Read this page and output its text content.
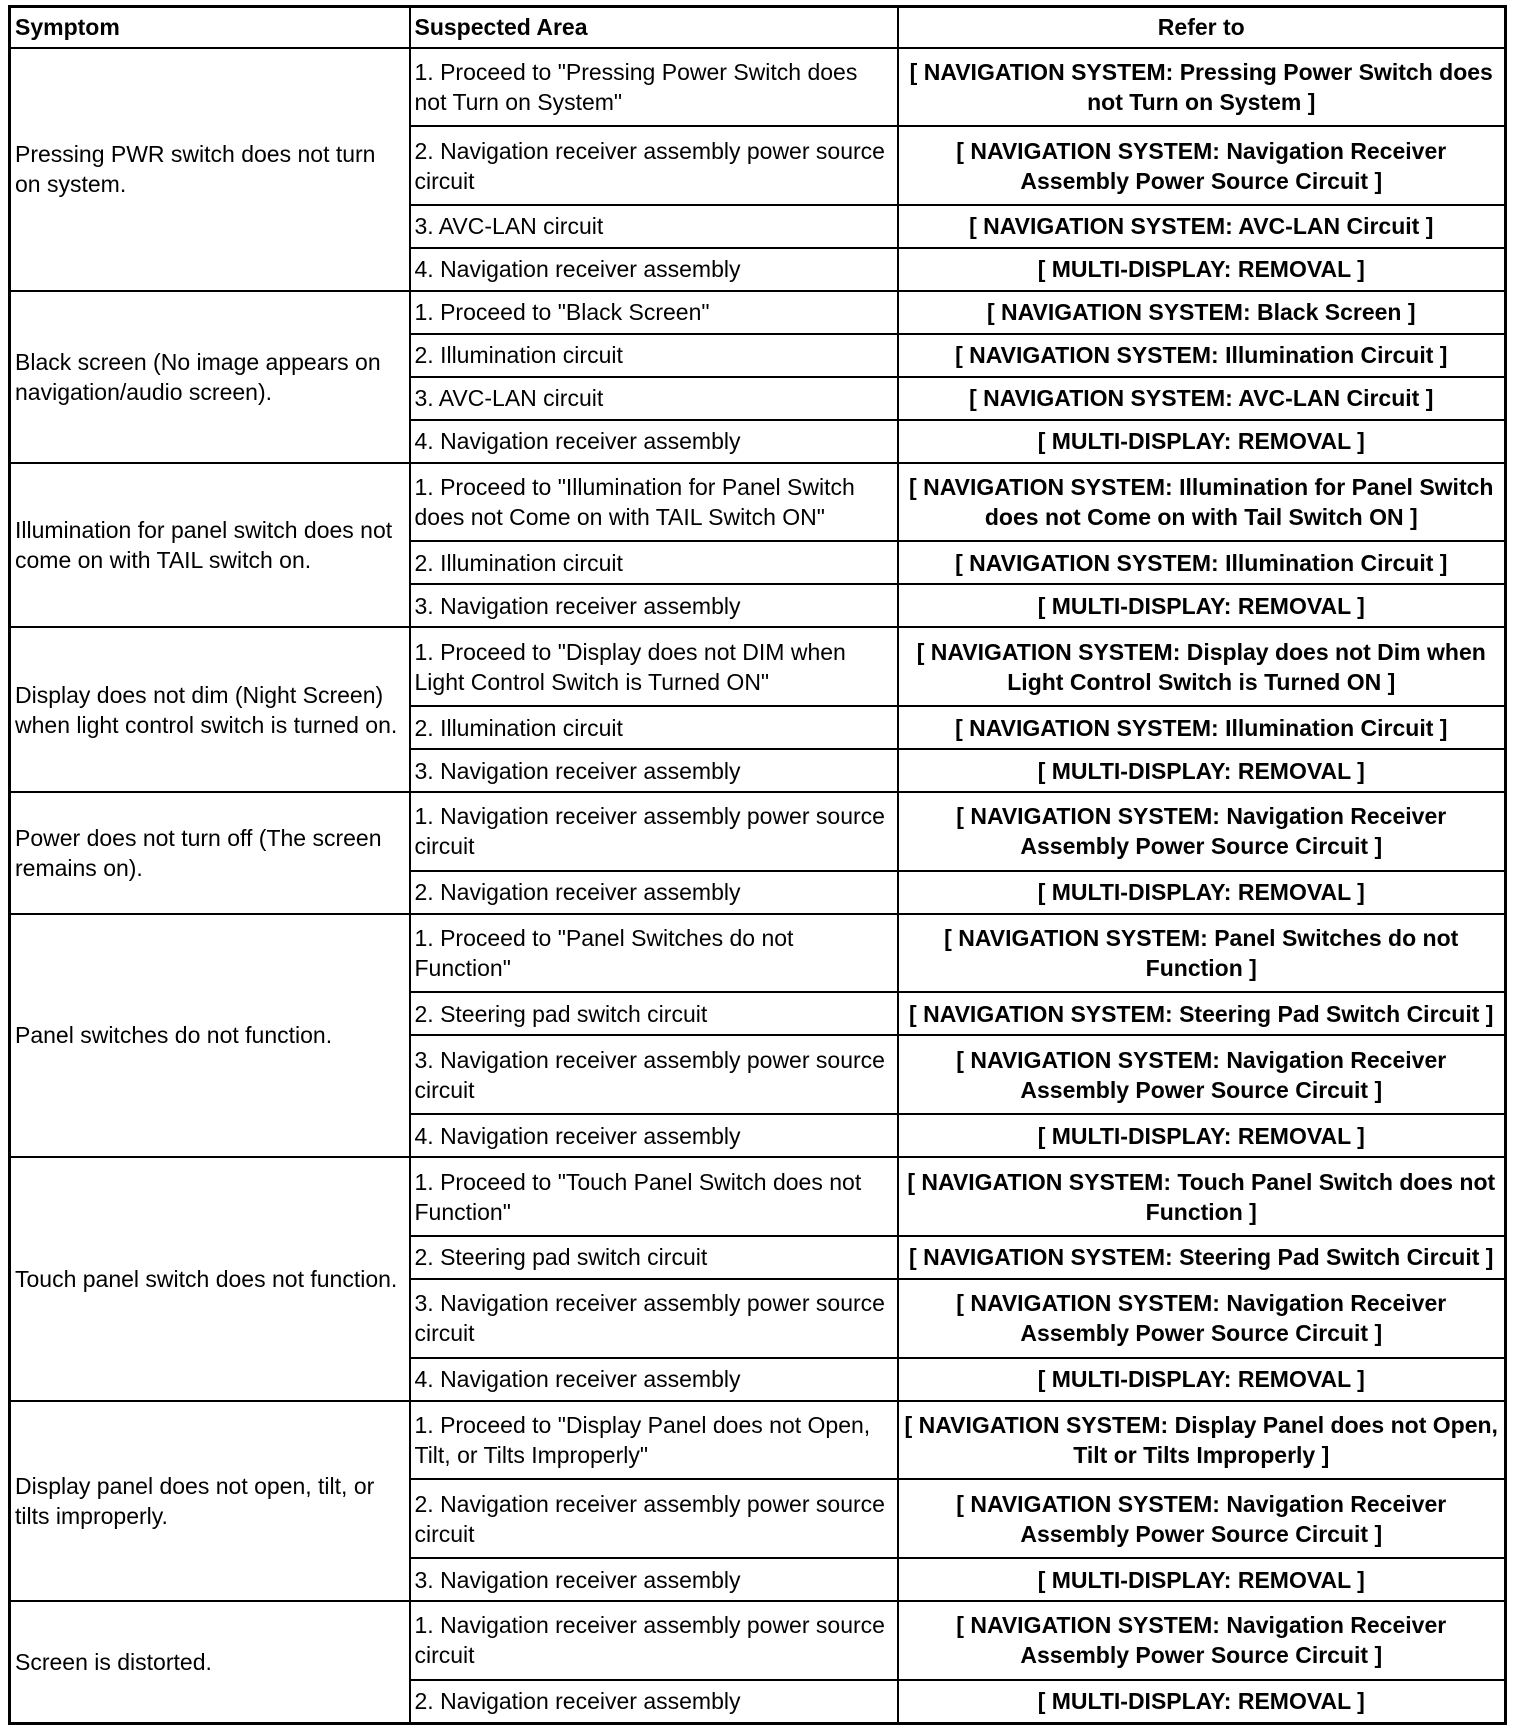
Symptom	Suspected Area	Refer to
Pressing PWR switch does not turn on system.	1. Proceed to "Pressing Power Switch does not Turn on System"	[ NAVIGATION SYSTEM: Pressing Power Switch does not Turn on System ]
	2. Navigation receiver assembly power source circuit	[ NAVIGATION SYSTEM: Navigation Receiver Assembly Power Source Circuit ]
	3. AVC-LAN circuit	[ NAVIGATION SYSTEM: AVC-LAN Circuit ]
	4. Navigation receiver assembly	[ MULTI-DISPLAY: REMOVAL ]
Black screen (No image appears on navigation/audio screen).	1. Proceed to "Black Screen"	[ NAVIGATION SYSTEM: Black Screen ]
	2. Illumination circuit	[ NAVIGATION SYSTEM: Illumination Circuit ]
	3. AVC-LAN circuit	[ NAVIGATION SYSTEM: AVC-LAN Circuit ]
	4. Navigation receiver assembly	[ MULTI-DISPLAY: REMOVAL ]
Illumination for panel switch does not come on with TAIL switch on.	1. Proceed to "Illumination for Panel Switch does not Come on with TAIL Switch ON"	[ NAVIGATION SYSTEM: Illumination for Panel Switch does not Come on with Tail Switch ON ]
	2. Illumination circuit	[ NAVIGATION SYSTEM: Illumination Circuit ]
	3. Navigation receiver assembly	[ MULTI-DISPLAY: REMOVAL ]
Display does not dim (Night Screen) when light control switch is turned on.	1. Proceed to "Display does not DIM when Light Control Switch is Turned ON"	[ NAVIGATION SYSTEM: Display does not Dim when Light Control Switch is Turned ON ]
	2. Illumination circuit	[ NAVIGATION SYSTEM: Illumination Circuit ]
	3. Navigation receiver assembly	[ MULTI-DISPLAY: REMOVAL ]
Power does not turn off (The screen remains on).	1. Navigation receiver assembly power source circuit	[ NAVIGATION SYSTEM: Navigation Receiver Assembly Power Source Circuit ]
	2. Navigation receiver assembly	[ MULTI-DISPLAY: REMOVAL ]
Panel switches do not function.	1. Proceed to "Panel Switches do not Function"	[ NAVIGATION SYSTEM: Panel Switches do not Function ]
	2. Steering pad switch circuit	[ NAVIGATION SYSTEM: Steering Pad Switch Circuit ]
	3. Navigation receiver assembly power source circuit	[ NAVIGATION SYSTEM: Navigation Receiver Assembly Power Source Circuit ]
	4. Navigation receiver assembly	[ MULTI-DISPLAY: REMOVAL ]
Touch panel switch does not function.	1. Proceed to "Touch Panel Switch does not Function"	[ NAVIGATION SYSTEM: Touch Panel Switch does not Function ]
	2. Steering pad switch circuit	[ NAVIGATION SYSTEM: Steering Pad Switch Circuit ]
	3. Navigation receiver assembly power source circuit	[ NAVIGATION SYSTEM: Navigation Receiver Assembly Power Source Circuit ]
	4. Navigation receiver assembly	[ MULTI-DISPLAY: REMOVAL ]
Display panel does not open, tilt, or tilts improperly.	1. Proceed to "Display Panel does not Open, Tilt, or Tilts Improperly"	[ NAVIGATION SYSTEM: Display Panel does not Open, Tilt or Tilts Improperly ]
	2. Navigation receiver assembly power source circuit	[ NAVIGATION SYSTEM: Navigation Receiver Assembly Power Source Circuit ]
	3. Navigation receiver assembly	[ MULTI-DISPLAY: REMOVAL ]
Screen is distorted.	1. Navigation receiver assembly power source circuit	[ NAVIGATION SYSTEM: Navigation Receiver Assembly Power Source Circuit ]
	2. Navigation receiver assembly	[ MULTI-DISPLAY: REMOVAL ]
